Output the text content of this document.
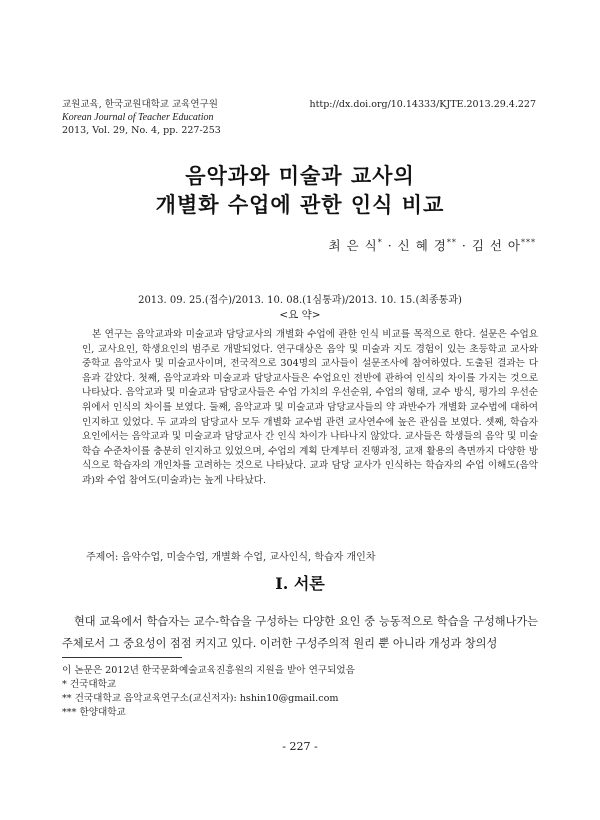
교원교육, 한국교원대학교 교육연구원
Korean Journal of Teacher Education
2013, Vol. 29, No. 4, pp. 227-253
http://dx.doi.org/10.14333/KJTE.2013.29.4.227
음악과와 미술과 교사의
개별화 수업에 관한 인식 비교
최 은 식* · 신 혜 경** · 김 선 아***
2013. 09. 25.(접수)/2013. 10. 08.(1심통과)/2013. 10. 15.(최종통과)
<요 약>

본 연구는 음악교과와 미술교과 담당교사의 개별화 수업에 관한 인식 비교를 목적으로 한다. 설문은 수업요인, 교사요인, 학생요인의 범주로 개발되었다. 연구대상은 음악 및 미술과 지도 경험이 있는 초등학교 교사와 중학교 음악교사 및 미술교사이며, 전국적으로 304명의 교사들이 설문조사에 참여하였다. 도출된 결과는 다음과 같았다. 첫째, 음악교과와 미술교과 담당교사들은 수업요인 전반에 관하여 인식의 차이를 가지는 것으로 나타났다. 음악교과 및 미술교과 담당교사들은 수업 가치의 우선순위, 수업의 형태, 교수 방식, 평가의 우선순위에서 인식의 차이를 보였다. 둘째, 음악교과 및 미술교과 담당교사들의 약 과반수가 개별화 교수법에 대하여 인지하고 있었다. 두 교과의 담당교사 모두 개별화 교수법 관련 교사연수에 높은 관심을 보였다. 셋째, 학습자요인에서는 음악교과 및 미술교과 담당교사 간 인식 차이가 나타나지 않았다. 교사들은 학생들의 음악 및 미술학습 수준차이를 충분히 인지하고 있었으며, 수업의 계획 단계부터 진행과정, 교재 활용의 측면까지 다양한 방식으로 학습자의 개인차를 고려하는 것으로 나타났다. 교과 담당 교사가 인식하는 학습자의 수업 이해도(음악과)와 수업 참여도(미술과)는 높게 나타났다.

주제어: 음악수업, 미술수업, 개별화 수업, 교사인식, 학습자 개인차
I. 서론

현대 교육에서 학습자는 교수-학습을 구성하는 다양한 요인 중 능동적으로 학습을 구성해나가는 주체로서 그 중요성이 점점 커지고 있다. 이러한 구성주의적 원리 뿐 아니라 개성과 창의성

이 논문은 2012년 한국문화예술교육진흥원의 지원을 받아 연구되었음
* 건국대학교
** 건국대학교 음악교육연구소(교신저자): hshin10@gmail.com
*** 한양대학교
- 227 -
